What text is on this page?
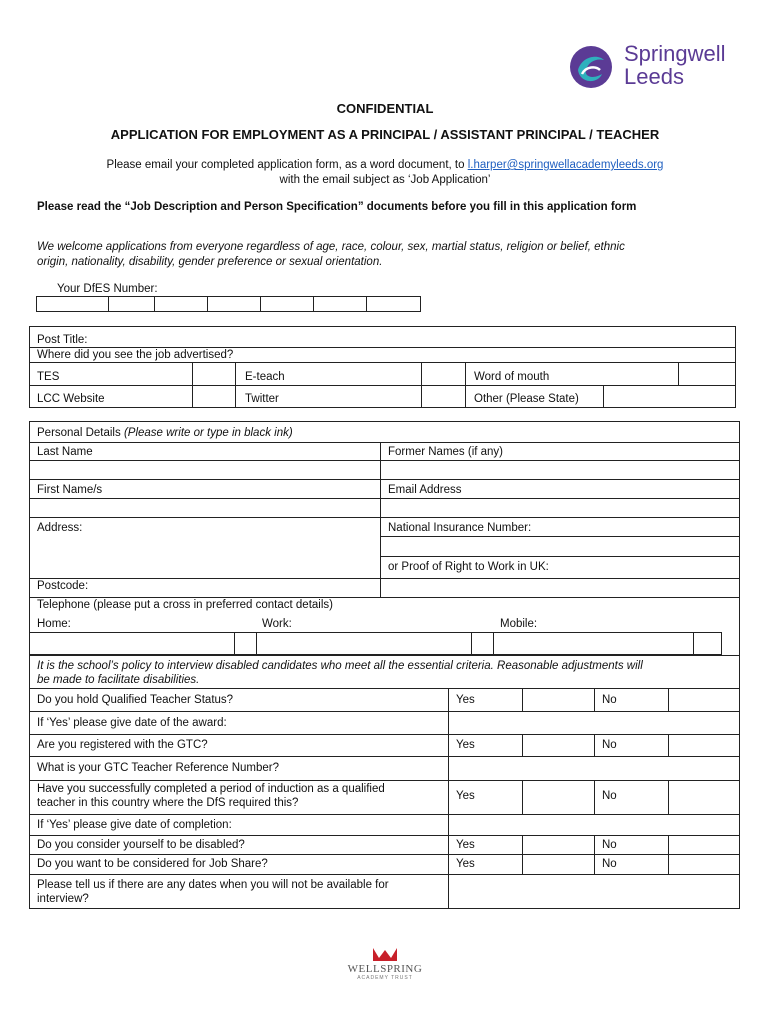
Springwell
Leeds
CONFIDENTIAL
APPLICATION FOR EMPLOYMENT AS A PRINCIPAL / ASSISTANT PRINCIPAL / TEACHER
Please email your completed application form, as a word document, to l.harper@springwellacademyleeds.org
with the email subject as ‘Job Application’
Please read the “Job Description and Person Specification” documents before you fill in this application form
We welcome applications from everyone regardless of age, race, colour, sex, martial status, religion or belief, ethnic
origin, nationality, disability, gender preference or sexual orientation.
Your DfES Number:
Post Title:
Where did you see the job advertised?
TES	E-teach	Word of mouth
LCC Website	Twitter	Other (Please State)
Personal Details (Please write or type in black ink)
Last Name	Former Names (if any)
First Name/s	Email Address
Address:	National Insurance Number:
or Proof of Right to Work in UK:
Postcode:
Telephone (please put a cross in preferred contact details)
Home:	Work:	Mobile:
It is the school’s policy to interview disabled candidates who meet all the essential criteria. Reasonable adjustments will
be made to facilitate disabilities.
Do you hold Qualified Teacher Status?	Yes	No
If ‘Yes’ please give date of the award:
Are you registered with the GTC?	Yes	No
What is your GTC Teacher Reference Number?
Have you successfully completed a period of induction as a qualified
teacher in this country where the DfS required this?
Yes	No
If ‘Yes’ please give date of completion:
Do you consider yourself to be disabled?	Yes	No
Do you want to be considered for Job Share?	Yes	No
Please tell us if there are any dates when you will not be available for
interview?
WELLSPRING
ACADEMY TRUST
